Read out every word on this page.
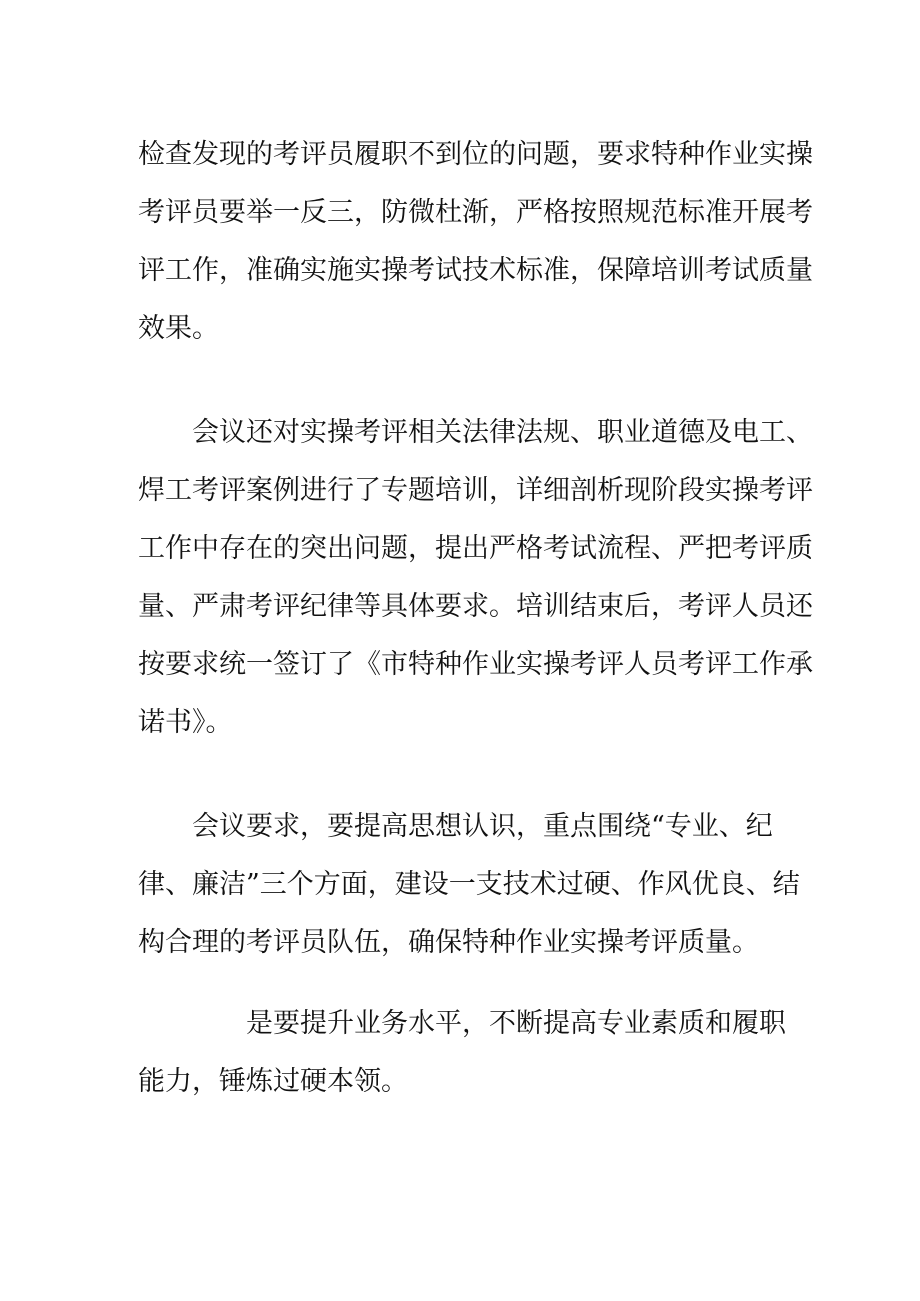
检查发现的考评员履职不到位的问题，要求特种作业实操
考评员要举一反三，防微杜渐，严格按照规范标准开展考
评工作，准确实施实操考试技术标准，保障培训考试质量
效果。
　　会议还对实操考评相关法律法规、职业道德及电工、
焊工考评案例进行了专题培训，详细剖析现阶段实操考评
工作中存在的突出问题，提出严格考试流程、严把考评质
量、严肃考评纪律等具体要求。培训结束后，考评人员还
按要求统一签订了《市特种作业实操考评人员考评工作承
诺书》。
　　会议要求，要提高思想认识，重点围绕“专业、纪
律、廉洁”三个方面，建设一支技术过硬、作风优良、结
构合理的考评员队伍，确保特种作业实操考评质量。
　　　　是要提升业务水平，不断提高专业素质和履职
能力，锤炼过硬本领。
